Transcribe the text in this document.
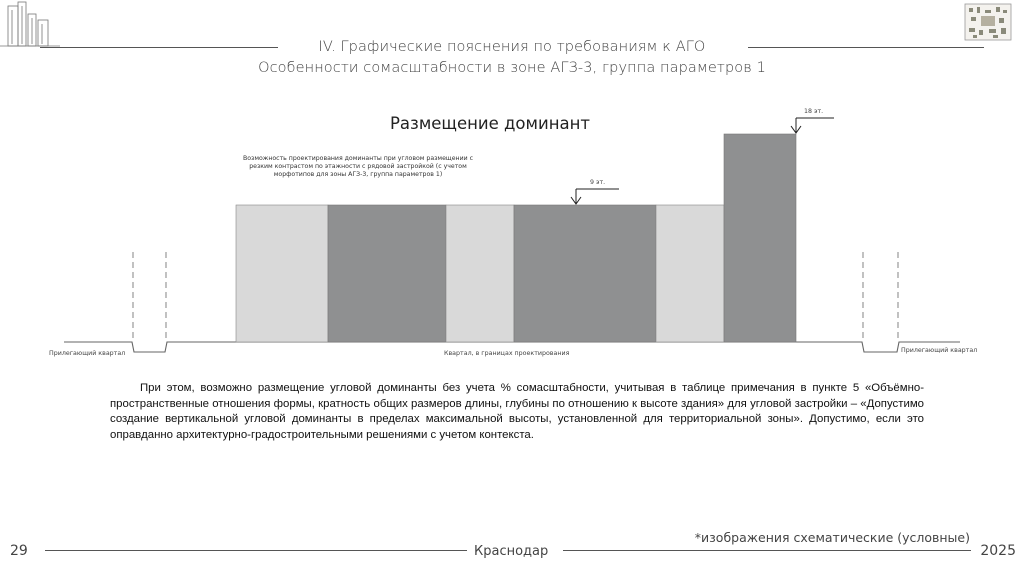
IV. Графические пояснения по требованиям к АГО
Особенности сомасштабности в зоне АГЗ-3, группа параметров 1
Размещение доминант
Возможность проектирования доминанты при угловом размещении с резким контрастом по этажности с рядовой застройкой (с учетом морфотипов для зоны АГЗ-3, группа параметров 1)
9 эт.
18 эт.
Прилегающий квартал	Прилегающий квартал
Квартал, в границах проектирования

При этом, возможно размещение угловой доминанты без учета % сомасштабности, учитывая в таблице примечания в пункте 5 «Объёмно-пространственные отношения формы, кратность общих размеров длины, глубины по отношению к высоте здания» для угловой застройки – «Допустимо создание вертикальной угловой доминанты в пределах максимальной высоты, установленной для территориальной зоны». Допустимо, если это оправданно архитектурно-градостроительными решениями с учетом контекста.

*изображения схематические (условные)
29	Краснодар	2025
